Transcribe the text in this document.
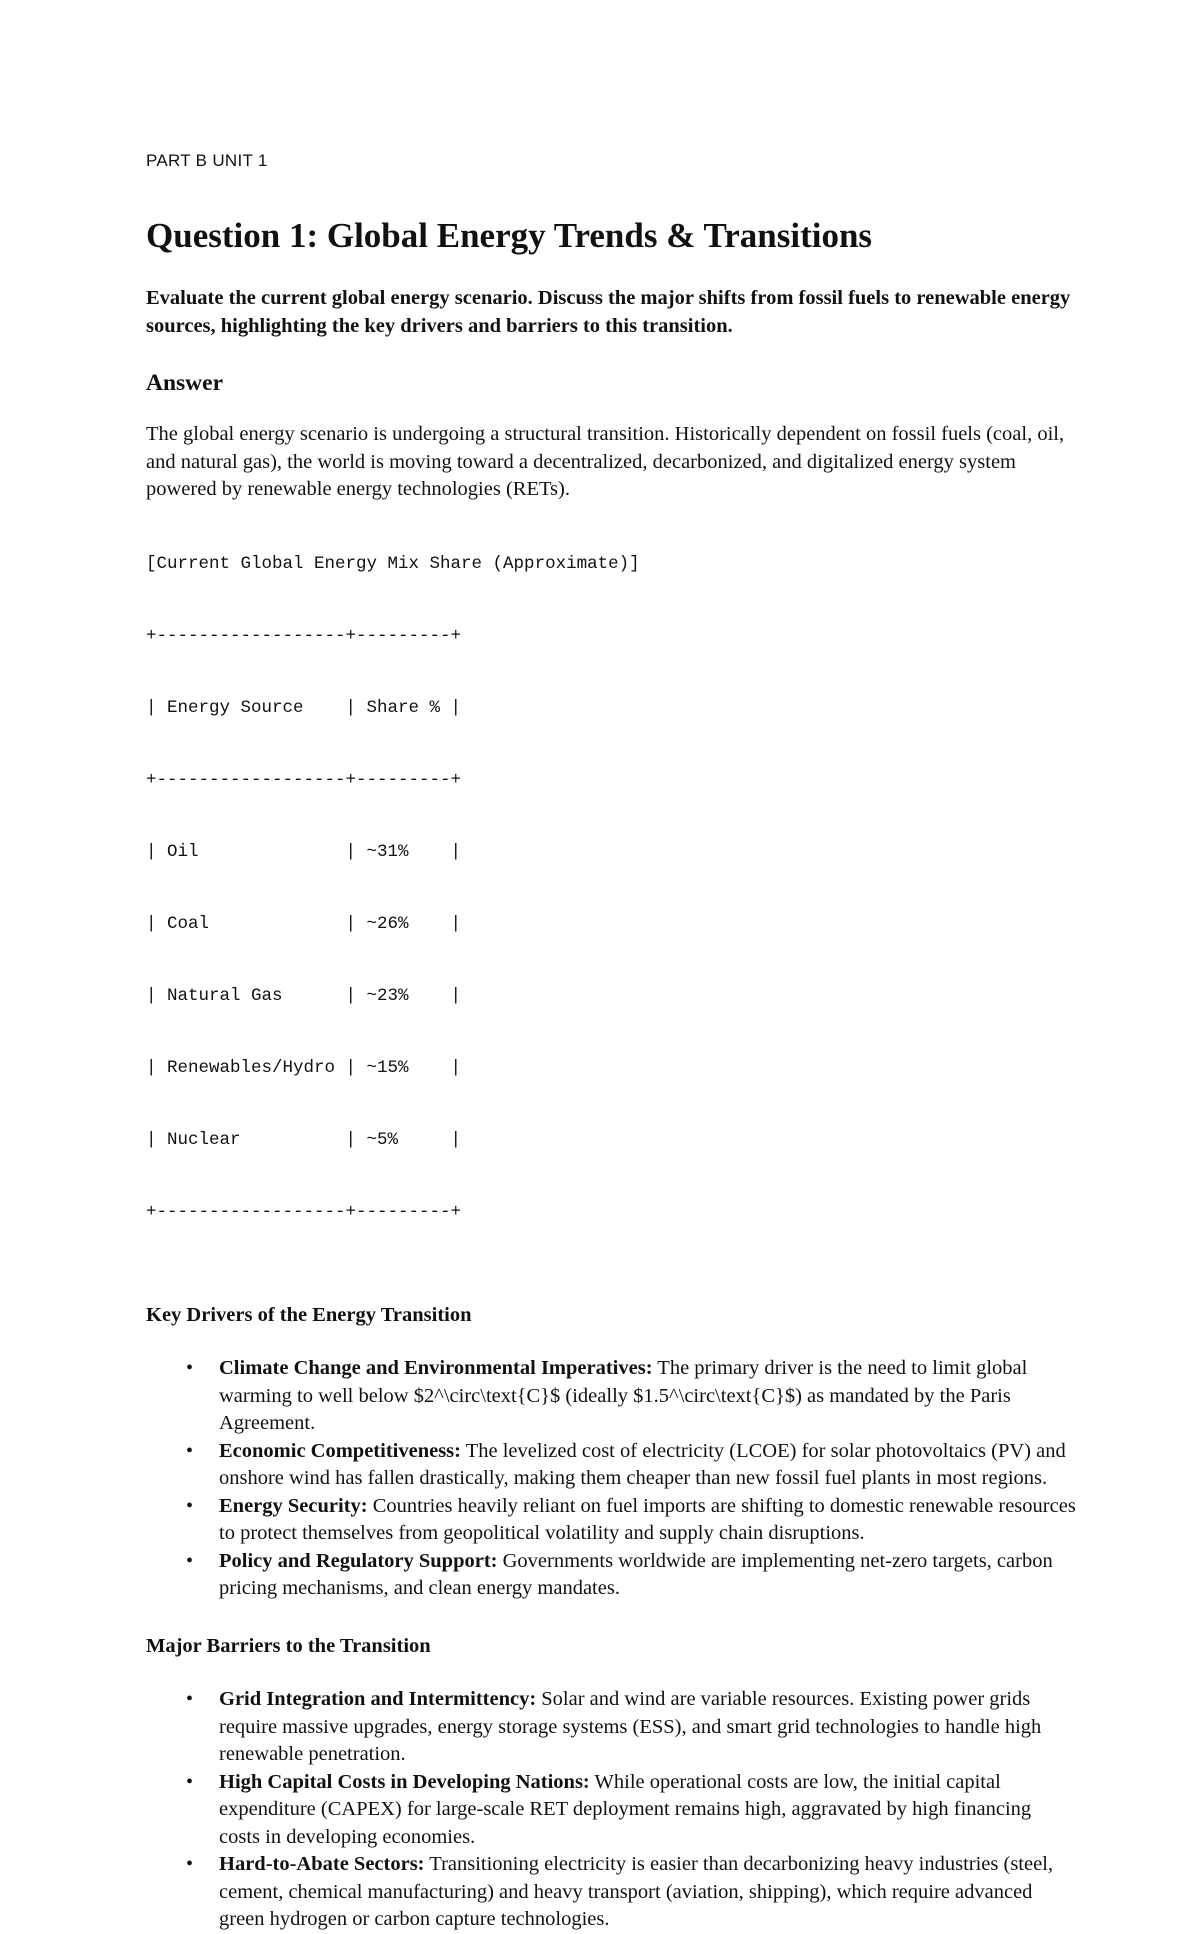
PART B UNIT 1

Question 1: Global Energy Trends & Transitions

Evaluate the current global energy scenario. Discuss the major shifts from fossil fuels to renewable energy sources, highlighting the key drivers and barriers to this transition.

Answer

The global energy scenario is undergoing a structural transition. Historically dependent on fossil fuels (coal, oil, and natural gas), the world is moving toward a decentralized, decarbonized, and digitalized energy system powered by renewable energy technologies (RETs).

[Current Global Energy Mix Share (Approximate)]

+------------------+---------+

| Energy Source    | Share % |

+------------------+---------+

| Oil              | ~31%    |

| Coal             | ~26%    |

| Natural Gas      | ~23%    |

| Renewables/Hydro | ~15%    |

| Nuclear          | ~5%     |

+------------------+---------+

Key Drivers of the Energy Transition
• Climate Change and Environmental Imperatives: The primary driver is the need to limit global warming to well below $2^\circ\text{C}$ (ideally $1.5^\circ\text{C}$) as mandated by the Paris Agreement.
• Economic Competitiveness: The levelized cost of electricity (LCOE) for solar photovoltaics (PV) and onshore wind has fallen drastically, making them cheaper than new fossil fuel plants in most regions.
• Energy Security: Countries heavily reliant on fuel imports are shifting to domestic renewable resources to protect themselves from geopolitical volatility and supply chain disruptions.
• Policy and Regulatory Support: Governments worldwide are implementing net-zero targets, carbon pricing mechanisms, and clean energy mandates.
Major Barriers to the Transition
• Grid Integration and Intermittency: Solar and wind are variable resources. Existing power grids require massive upgrades, energy storage systems (ESS), and smart grid technologies to handle high renewable penetration.
• High Capital Costs in Developing Nations: While operational costs are low, the initial capital expenditure (CAPEX) for large-scale RET deployment remains high, aggravated by high financing costs in developing economies.
• Hard-to-Abate Sectors: Transitioning electricity is easier than decarbonizing heavy industries (steel, cement, chemical manufacturing) and heavy transport (aviation, shipping), which require advanced green hydrogen or carbon capture technologies.
